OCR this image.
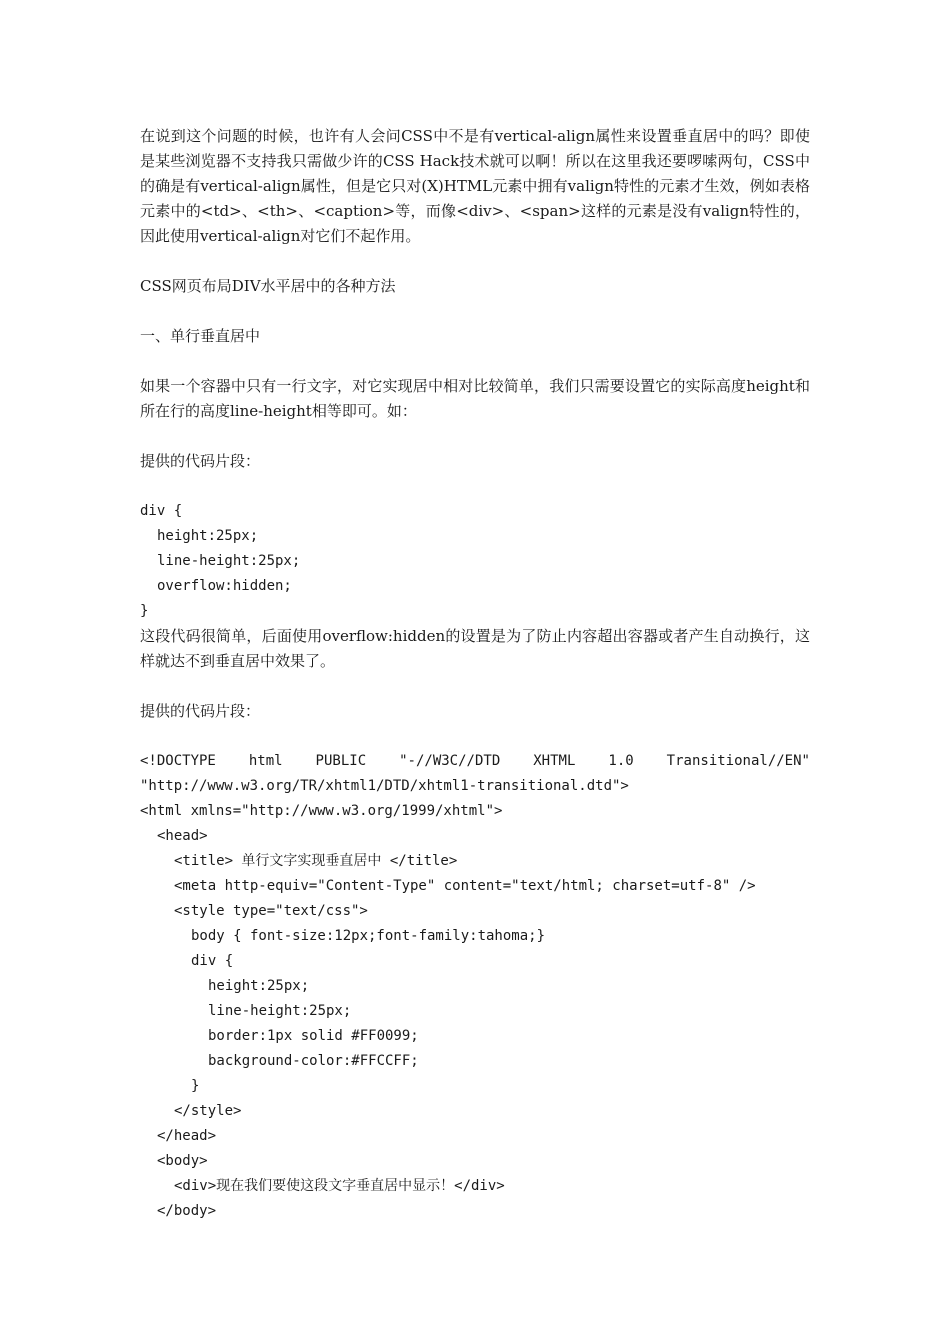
在说到这个问题的时候，也许有人会问CSS中不是有vertical-align属性来设置垂直居中的吗？即使是某些浏览器不支持我只需做少许的CSS Hack技术就可以啊！所以在这里我还要啰嗦两句，CSS中的确是有vertical-align属性，但是它只对(X)HTML元素中拥有valign特性的元素才生效，例如表格元素中的<td>、<th>、<caption>等，而像<div>、<span>这样的元素是没有valign特性的，因此使用vertical-align对它们不起作用。

CSS网页布局DIV水平居中的各种方法

一、单行垂直居中

如果一个容器中只有一行文字，对它实现居中相对比较简单，我们只需要设置它的实际高度height和所在行的高度line-height相等即可。如：

提供的代码片段：

div {
height:25px;
line-height:25px;
overflow:hidden;
}

这段代码很简单，后面使用overflow:hidden的设置是为了防止内容超出容器或者产生自动换行，这样就达不到垂直居中效果了。

提供的代码片段：

<!DOCTYPE html PUBLIC "-//W3C//DTD XHTML 1.0 Transitional//EN"
"http://www.w3.org/TR/xhtml1/DTD/xhtml1-transitional.dtd">
<html xmlns="http://www.w3.org/1999/xhtml">
<head>
<title> 单行文字实现垂直居中 </title>
<meta http-equiv="Content-Type" content="text/html; charset=utf-8" />
<style type="text/css">
body { font-size:12px;font-family:tahoma;}
div {
height:25px;
line-height:25px;
border:1px solid #FF0099;
background-color:#FFCCFF;
}
</style>
</head>
<body>
<div>现在我们要使这段文字垂直居中显示！</div>
</body>
